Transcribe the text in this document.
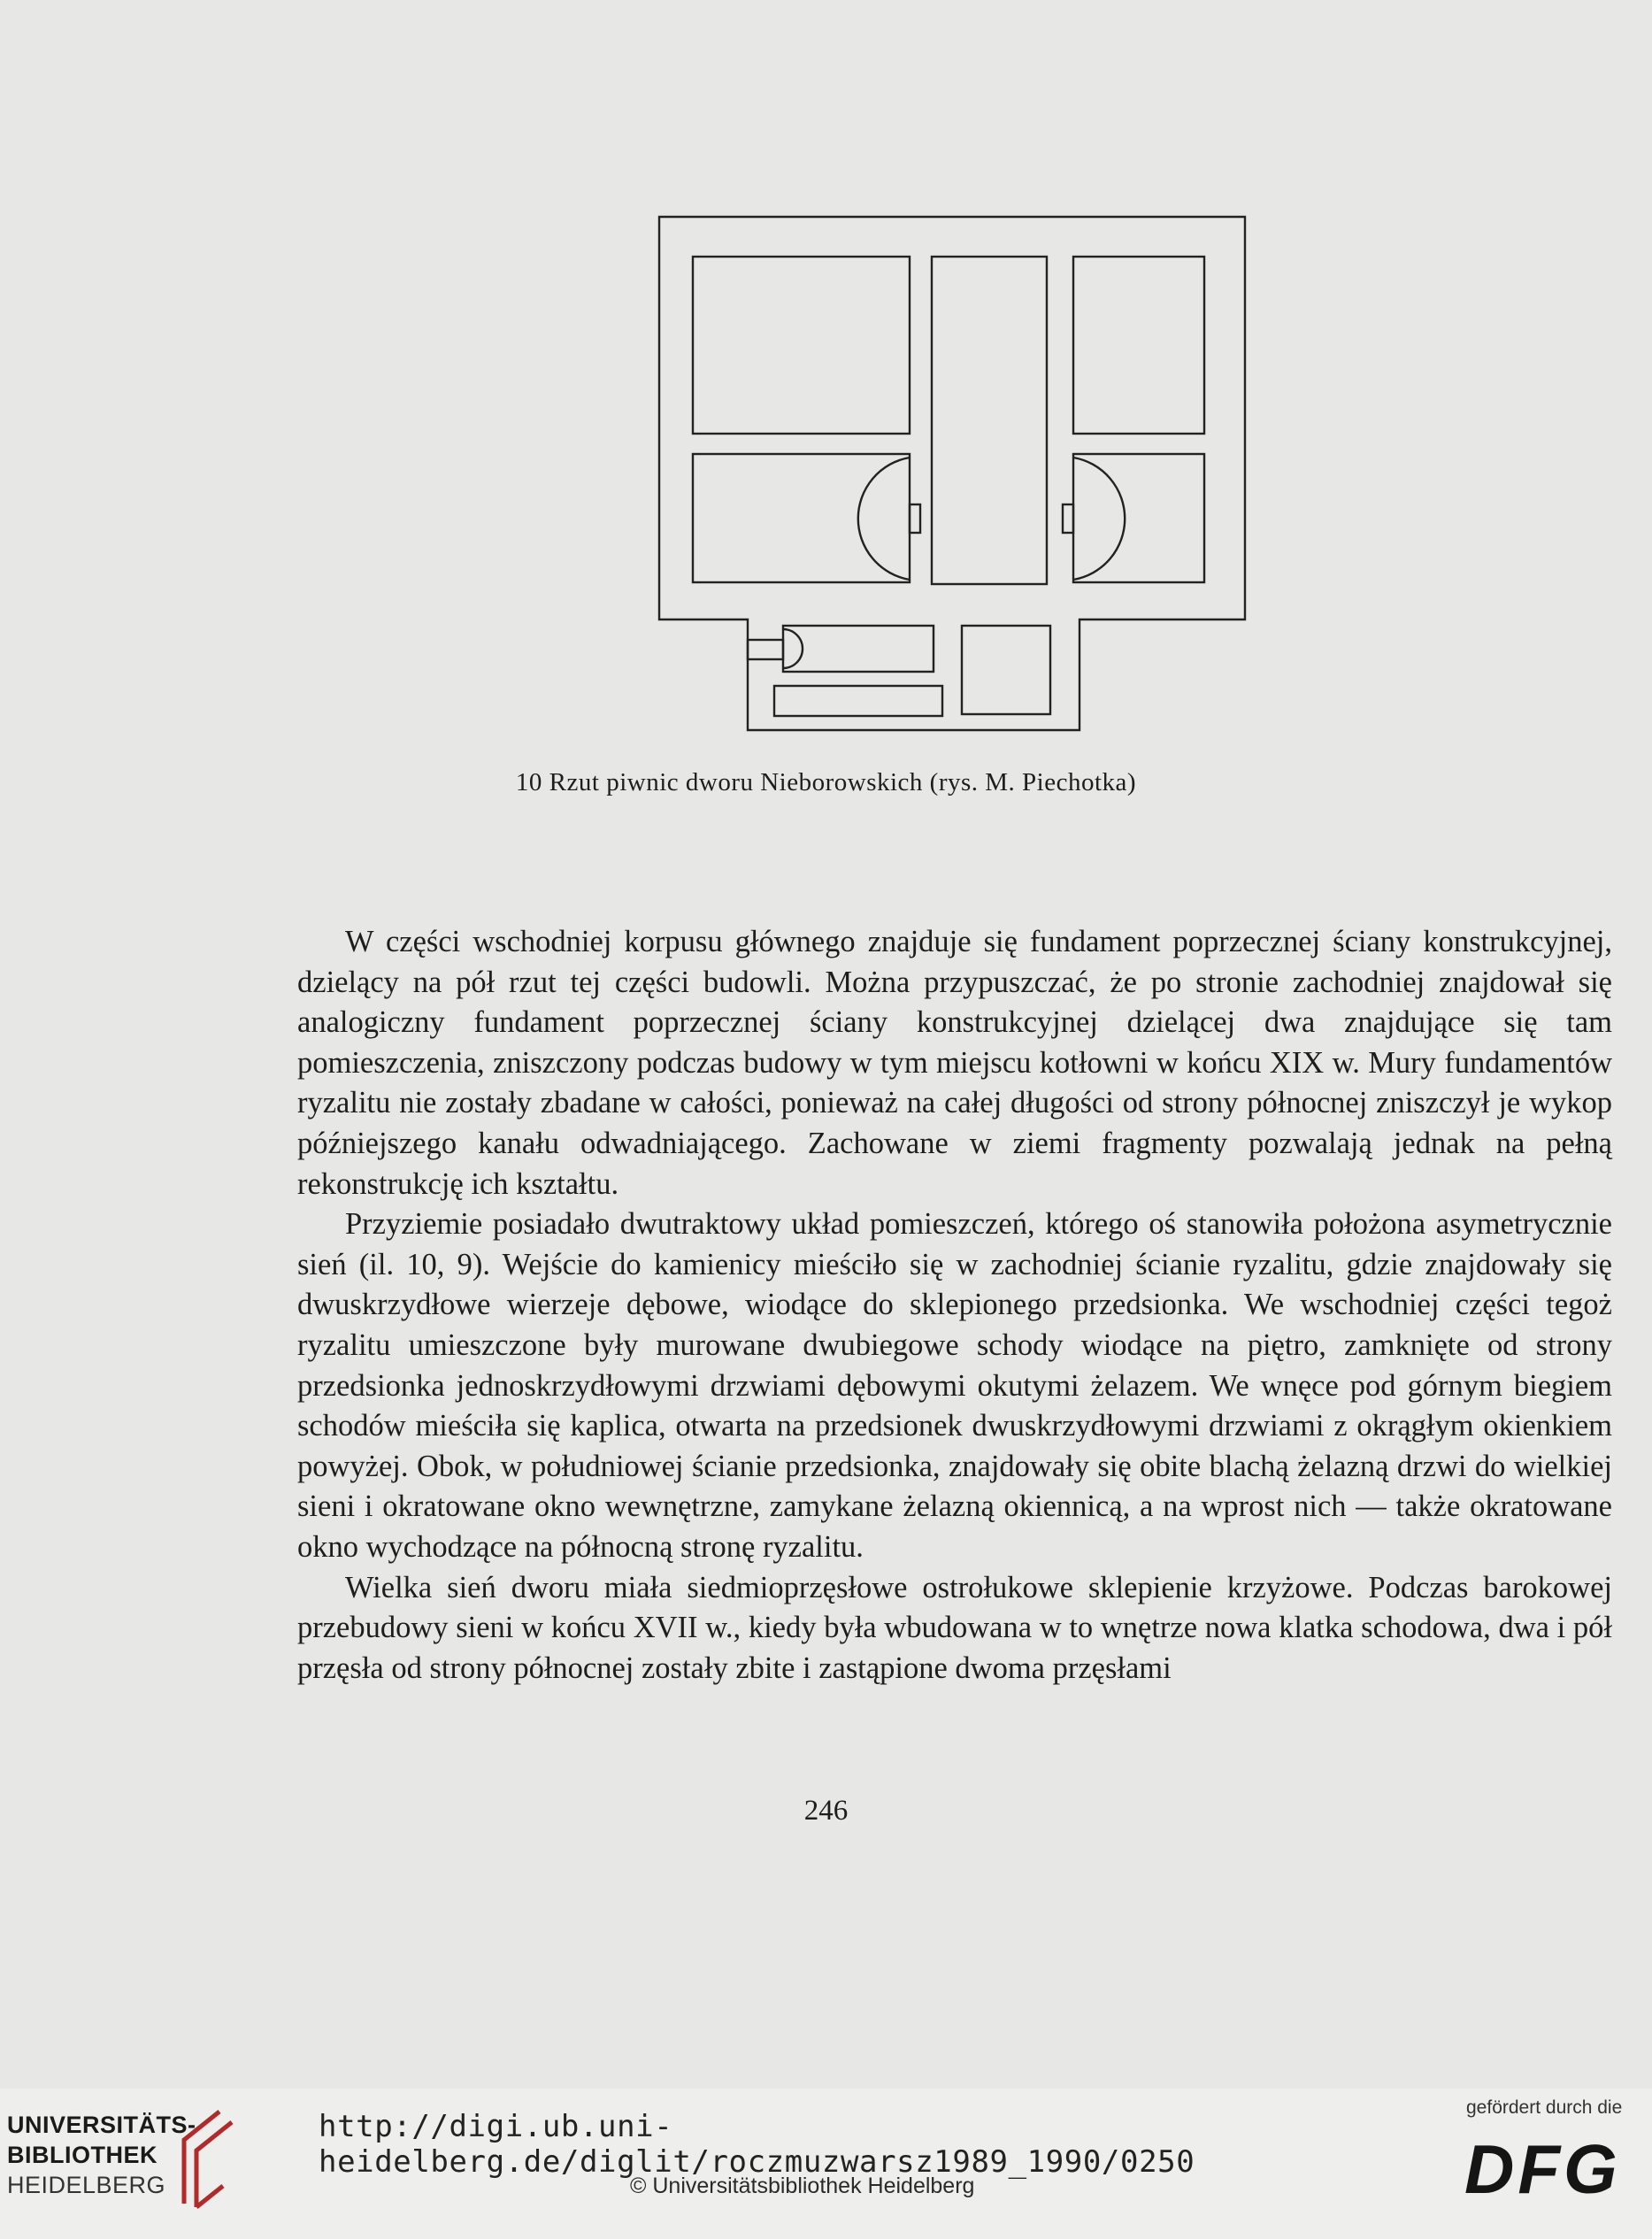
10 Rzut piwnic dworu Nieborowskich (rys. M. Piechotka)

W części wschodniej korpusu głównego znajduje się fundament poprzecznej ściany konstrukcyjnej, dzielący na pół rzut tej części budowli. Można przypuszczać, że po stronie zachodniej znajdował się analogiczny fundament poprzecznej ściany konstrukcyjnej dzielącej dwa znajdujące się tam pomieszczenia, zniszczony podczas budowy w tym miejscu kotłowni w końcu XIX w. Mury fundamentów ryzalitu nie zostały zbadane w całości, ponieważ na całej długości od strony północnej zniszczył je wykop późniejszego kanału odwadniającego. Zachowane w ziemi fragmenty pozwalają jednak na pełną rekonstrukcję ich kształtu.

Przyziemie posiadało dwutraktowy układ pomieszczeń, którego oś stanowiła położona asymetrycznie sień (il. 10, 9). Wejście do kamienicy mieściło się w zachodniej ścianie ryzalitu, gdzie znajdowały się dwuskrzydłowe wierzeje dębowe, wiodące do sklepionego przedsionka. We wschodniej części tegoż ryzalitu umieszczone były murowane dwubiegowe schody wiodące na piętro, zamknięte od strony przedsionka jednoskrzydłowymi drzwiami dębowymi okutymi żelazem. We wnęce pod górnym biegiem schodów mieściła się kaplica, otwarta na przedsionek dwuskrzydłowymi drzwiami z okrągłym okienkiem powyżej. Obok, w południowej ścianie przedsionka, znajdowały się obite blachą żelazną drzwi do wielkiej sieni i okratowane okno wewnętrzne, zamykane żelazną okiennicą, a na wprost nich — także okratowane okno wychodzące na północną stronę ryzalitu.

Wielka sień dworu miała siedmioprzęsłowe ostrołukowe sklepienie krzyżowe. Podczas barokowej przebudowy sieni w końcu XVII w., kiedy była wbudowana w to wnętrze nowa klatka schodowa, dwa i pół przęsła od strony północnej zostały zbite i zastąpione dwoma przęsłami

246
UNIVERSITÄTS-
BIBLIOTHEK
HEIDELBERG
http://digi.ub.uni-heidelberg.de/diglit/roczmuzwarsz1989_1990/0250
© Universitätsbibliothek Heidelberg
gefördert durch die
DFG
